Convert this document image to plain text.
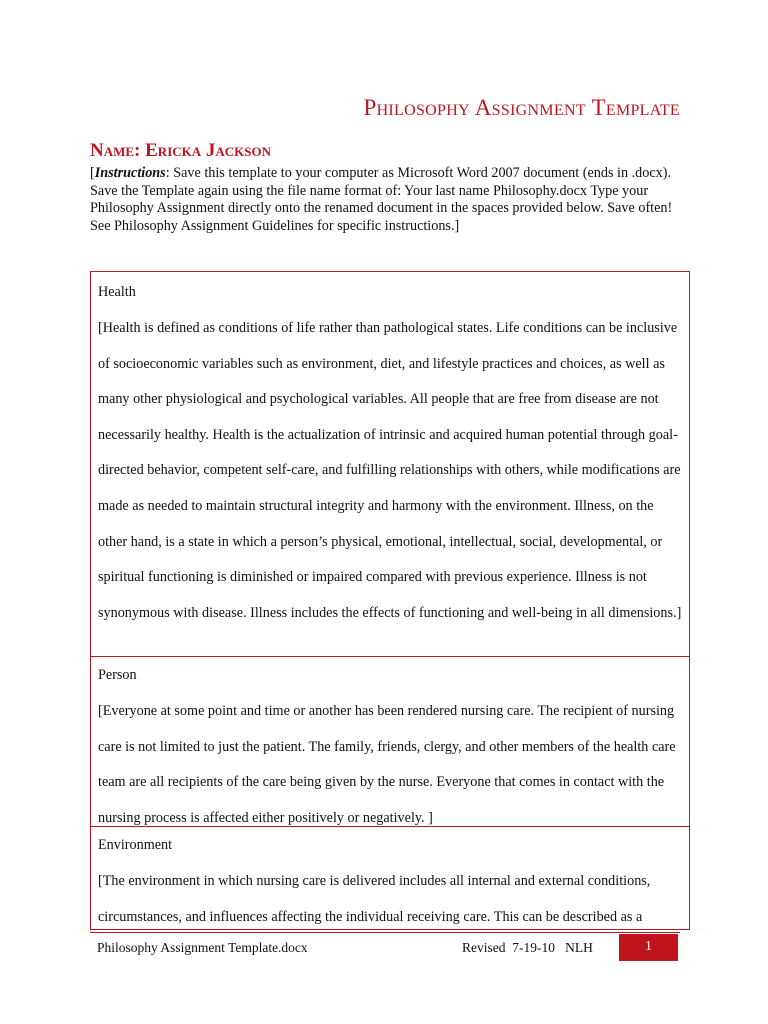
Philosophy Assignment Template
Name: Ericka Jackson
[Instructions: Save this template to your computer as Microsoft Word 2007 document (ends in .docx). Save the Template again using the file name format of: Your last name Philosophy.docx Type your Philosophy Assignment directly onto the renamed document in the spaces provided below. Save often! See Philosophy Assignment Guidelines for specific instructions.]
Health
[Health is defined as conditions of life rather than pathological states. Life conditions can be inclusive of socioeconomic variables such as environment, diet, and lifestyle practices and choices, as well as many other physiological and psychological variables. All people that are free from disease are not necessarily healthy. Health is the actualization of intrinsic and acquired human potential through goal-directed behavior, competent self-care, and fulfilling relationships with others, while modifications are made as needed to maintain structural integrity and harmony with the environment. Illness, on the other hand, is a state in which a person’s physical, emotional, intellectual, social, developmental, or spiritual functioning is diminished or impaired compared with previous experience. Illness is not synonymous with disease. Illness includes the effects of functioning and well-being in all dimensions.]
Person
[Everyone at some point and time or another has been rendered nursing care. The recipient of nursing care is not limited to just the patient. The family, friends, clergy, and other members of the health care team are all recipients of the care being given by the nurse. Everyone that comes in contact with the nursing process is affected either positively or negatively. ]
Environment
[The environment in which nursing care is delivered includes all internal and external conditions, circumstances, and influences affecting the individual receiving care. This can be described as a
Philosophy Assignment Template.docx	Revised  7-19-10   NLH	1
